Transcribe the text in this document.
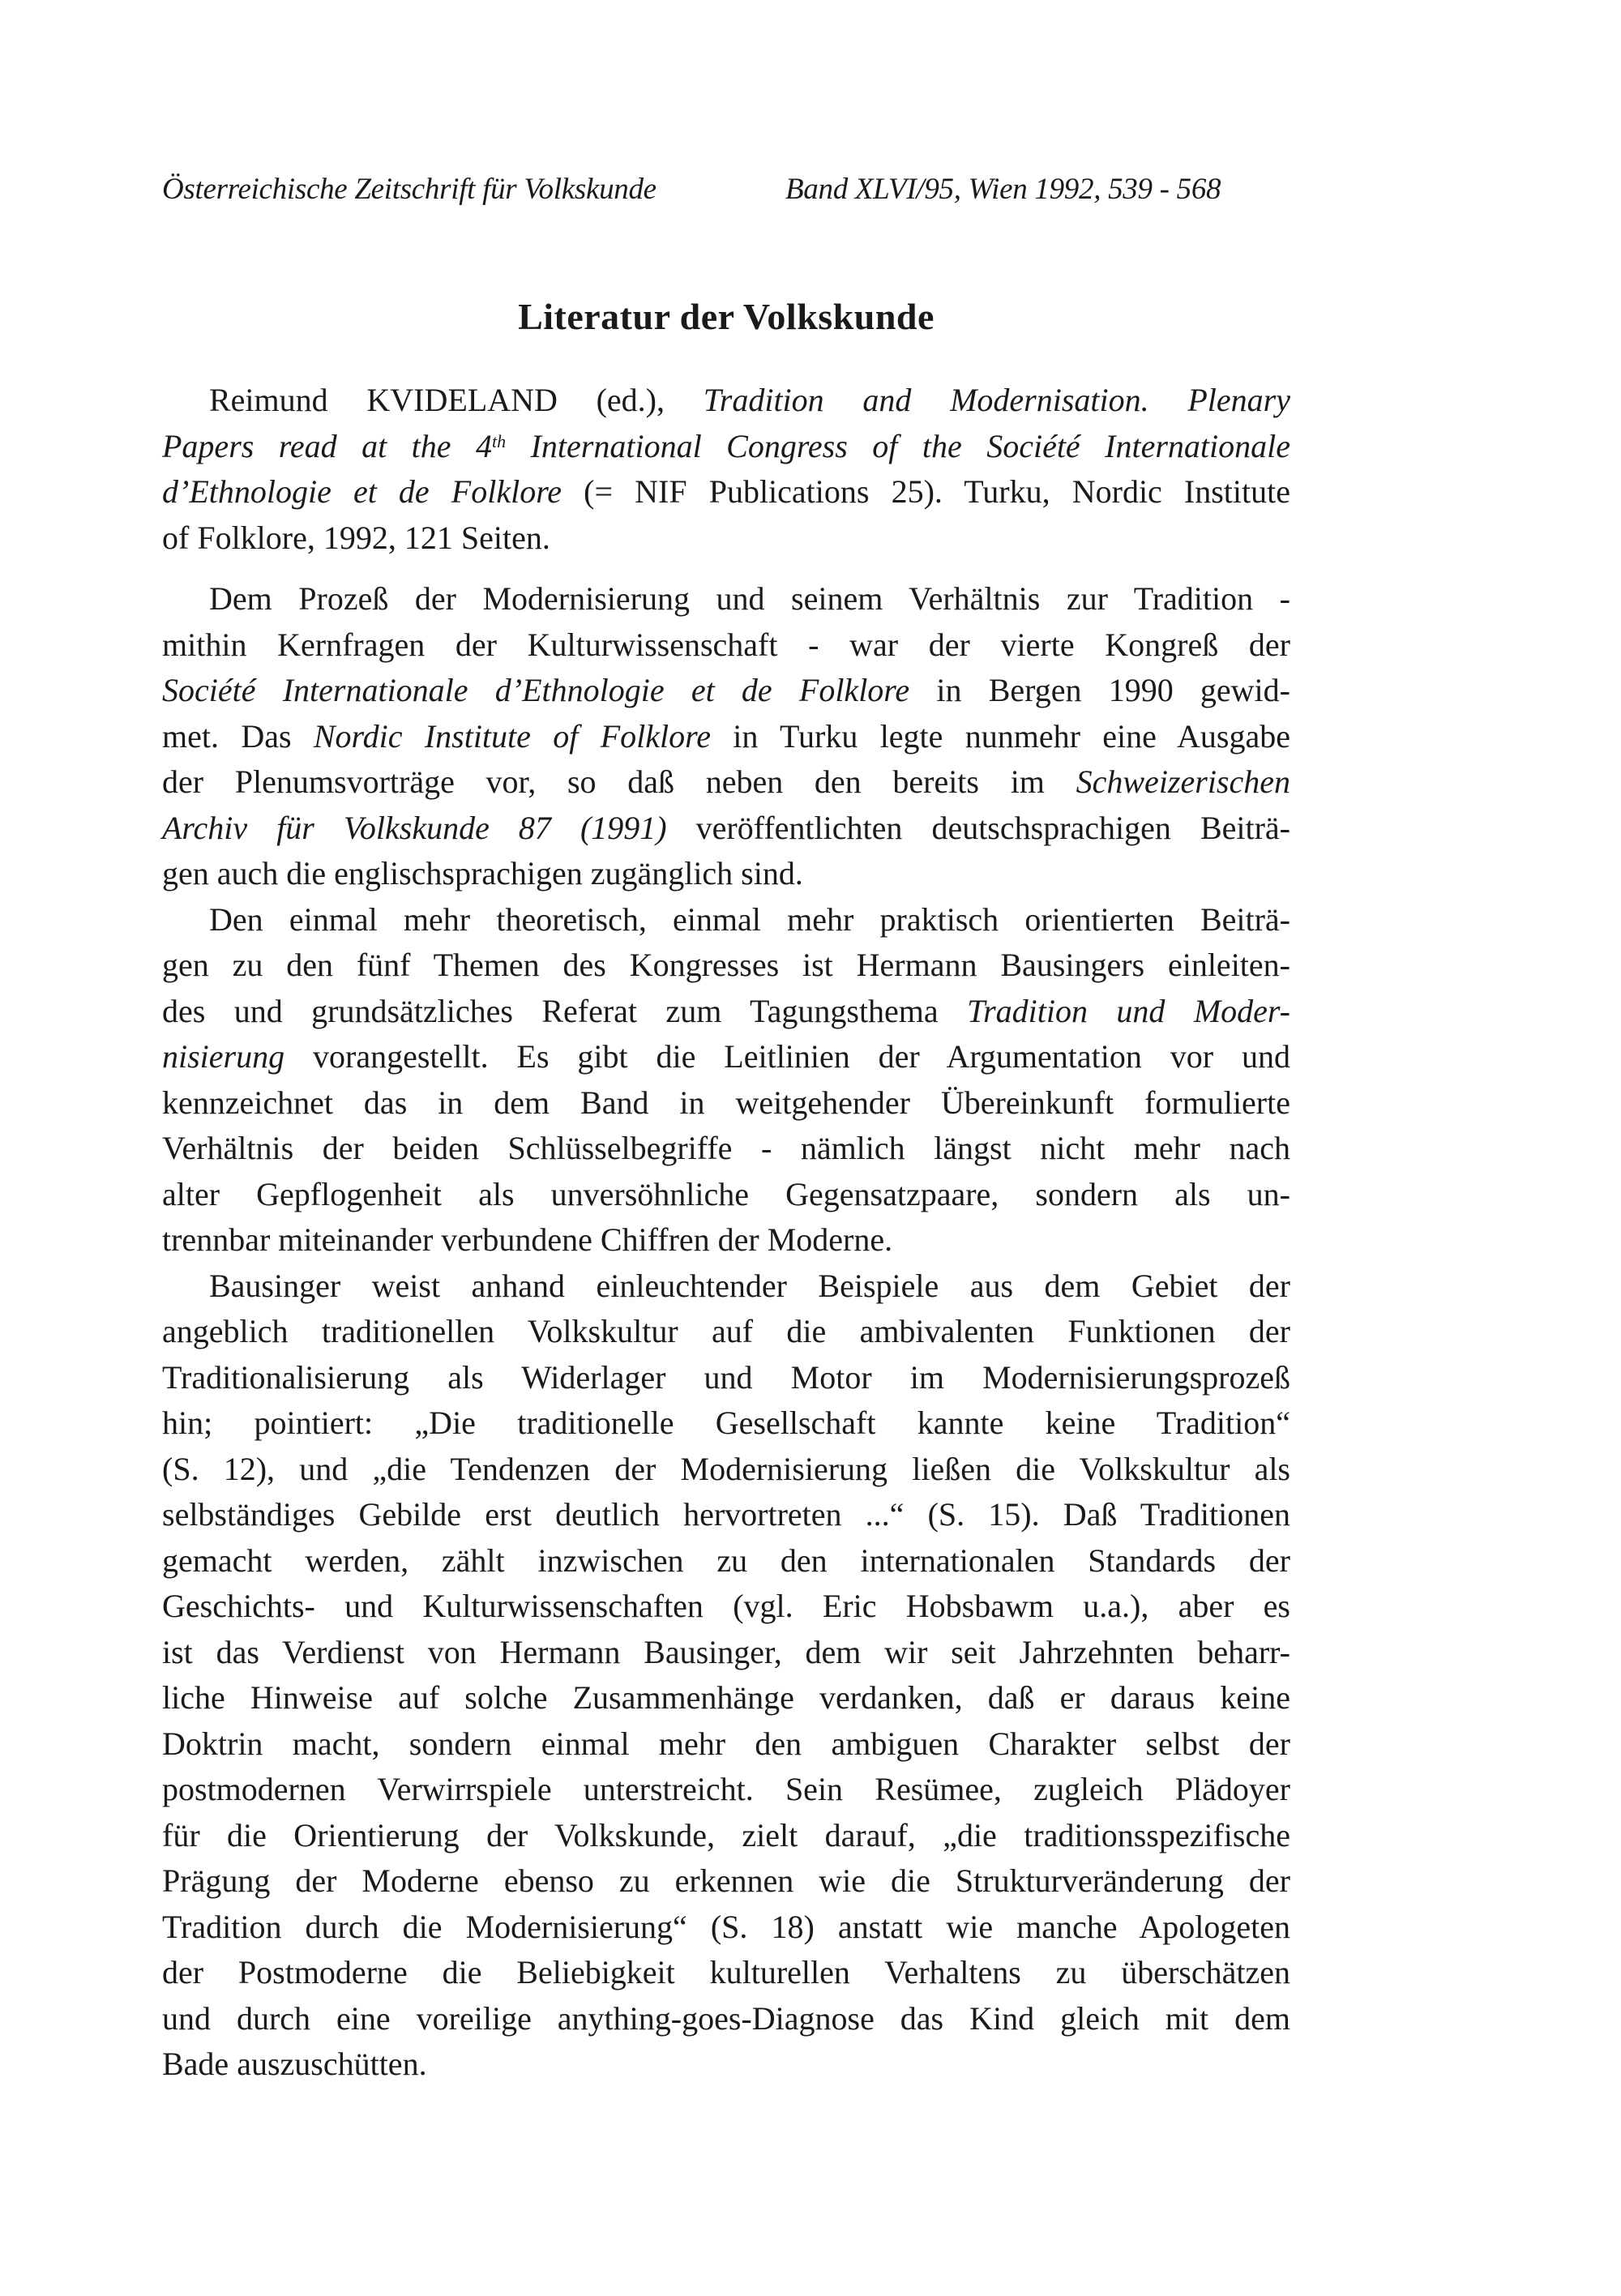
Österreichische Zeitschrift für Volkskunde	Band XLVI/95, Wien 1992, 539 - 568
Literatur der Volkskunde
Reimund KVIDELAND (ed.), Tradition and Modernisation. Plenary
Papers read at the 4th International Congress of the Société Internationale
d’Ethnologie et de Folklore (= NIF Publications 25). Turku, Nordic Institute
of Folklore, 1992, 121 Seiten.
Dem Prozeß der Modernisierung und seinem Verhältnis zur Tradition -
mithin Kernfragen der Kulturwissenschaft - war der vierte Kongreß der
Société Internationale d’Ethnologie et de Folklore in Bergen 1990 gewid-
met. Das Nordic Institute of Folklore in Turku legte nunmehr eine Ausgabe
der Plenumsvorträge vor, so daß neben den bereits im Schweizerischen
Archiv für Volkskunde 87 (1991) veröffentlichten deutschsprachigen Beiträ-
gen auch die englischsprachigen zugänglich sind.
Den einmal mehr theoretisch, einmal mehr praktisch orientierten Beiträ-
gen zu den fünf Themen des Kongresses ist Hermann Bausingers einleiten-
des und grundsätzliches Referat zum Tagungsthema Tradition und Moder-
nisierung vorangestellt. Es gibt die Leitlinien der Argumentation vor und
kennzeichnet das in dem Band in weitgehender Übereinkunft formulierte
Verhältnis der beiden Schlüsselbegriffe - nämlich längst nicht mehr nach
alter Gepflogenheit als unversöhnliche Gegensatzpaare, sondern als un-
trennbar miteinander verbundene Chiffren der Moderne.
Bausinger weist anhand einleuchtender Beispiele aus dem Gebiet der
angeblich traditionellen Volkskultur auf die ambivalenten Funktionen der
Traditionalisierung als Widerlager und Motor im Modernisierungsprozeß
hin; pointiert: „Die traditionelle Gesellschaft kannte keine Tradition“
(S. 12), und „die Tendenzen der Modernisierung ließen die Volkskultur als
selbständiges Gebilde erst deutlich hervortreten ...“ (S. 15). Daß Traditionen
gemacht werden, zählt inzwischen zu den internationalen Standards der
Geschichts- und Kulturwissenschaften (vgl. Eric Hobsbawm u.a.), aber es
ist das Verdienst von Hermann Bausinger, dem wir seit Jahrzehnten beharr-
liche Hinweise auf solche Zusammenhänge verdanken, daß er daraus keine
Doktrin macht, sondern einmal mehr den ambiguen Charakter selbst der
postmodernen Verwirrspiele unterstreicht. Sein Resümee, zugleich Plädoyer
für die Orientierung der Volkskunde, zielt darauf, „die traditionsspezifische
Prägung der Moderne ebenso zu erkennen wie die Strukturveränderung der
Tradition durch die Modernisierung“ (S. 18) anstatt wie manche Apologeten
der Postmoderne die Beliebigkeit kulturellen Verhaltens zu überschätzen
und durch eine voreilige anything-goes-Diagnose das Kind gleich mit dem
Bade auszuschütten.
